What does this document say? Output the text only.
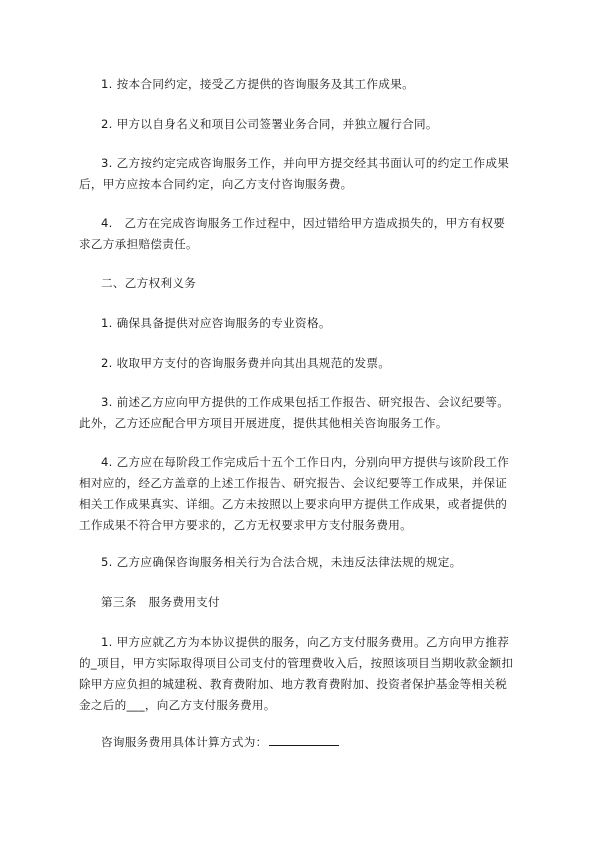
1. 按本合同约定，接受乙方提供的咨询服务及其工作成果。

2. 甲方以自身名义和项目公司签署业务合同，并独立履行合同。

3. 乙方按约定完成咨询服务工作，并向甲方提交经其书面认可的约定工作成果后，甲方应按本合同约定，向乙方支付咨询服务费。

4.　乙方在完成咨询服务工作过程中，因过错给甲方造成损失的，甲方有权要求乙方承担赔偿责任。

二、乙方权利义务

1. 确保具备提供对应咨询服务的专业资格。

2. 收取甲方支付的咨询服务费并向其出具规范的发票。

3. 前述乙方应向甲方提供的工作成果包括工作报告、研究报告、会议纪要等。此外，乙方还应配合甲方项目开展进度，提供其他相关咨询服务工作。

4. 乙方应在每阶段工作完成后十五个工作日内，分别向甲方提供与该阶段工作相对应的，经乙方盖章的上述工作报告、研究报告、会议纪要等工作成果，并保证相关工作成果真实、详细。乙方未按照以上要求向甲方提供工作成果，或者提供的工作成果不符合甲方要求的，乙方无权要求甲方支付服务费用。

5. 乙方应确保咨询服务相关行为合法合规，未违反法律法规的规定。

第三条　服务费用支付

1. 甲方应就乙方为本协议提供的服务，向乙方支付服务费用。乙方向甲方推荐的_项目，甲方实际取得项目公司支付的管理费收入后，按照该项目当期收款金额扣除甲方应负担的城建税、教育费附加、地方教育费附加、投资者保护基金等相关税金之后的___，向乙方支付服务费用。

咨询服务费用具体计算方式为：
